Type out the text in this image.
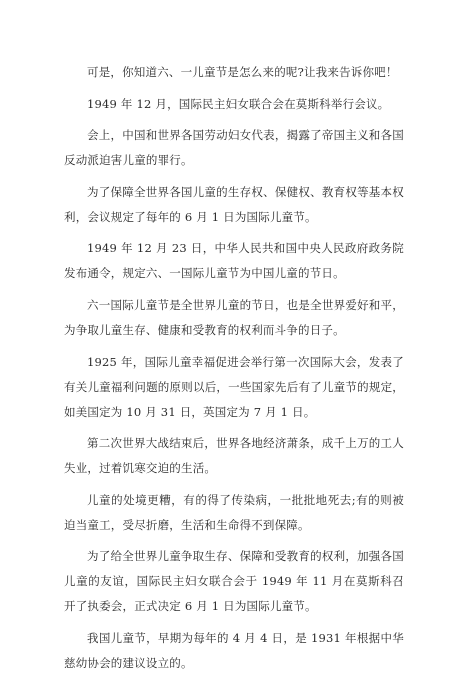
可是，你知道六、一儿童节是怎么来的呢?让我来告诉你吧！

1949 年 12 月，国际民主妇女联合会在莫斯科举行会议。

会上，中国和世界各国劳动妇女代表，揭露了帝国主义和各国反动派迫害儿童的罪行。

为了保障全世界各国儿童的生存权、保健权、教育权等基本权利，会议规定了每年的 6 月 1 日为国际儿童节。

1949 年 12 月 23 日，中华人民共和国中央人民政府政务院发布通令，规定六、一国际儿童节为中国儿童的节日。

六一国际儿童节是全世界儿童的节日，也是全世界爱好和平，为争取儿童生存、健康和受教育的权利而斗争的日子。

1925 年，国际儿童幸福促进会举行第一次国际大会，发表了有关儿童福利问题的原则以后，一些国家先后有了儿童节的规定，如美国定为 10 月 31 日，英国定为 7 月 1 日。

第二次世界大战结束后，世界各地经济萧条，成千上万的工人失业，过着饥寒交迫的生活。

儿童的处境更糟，有的得了传染病，一批批地死去;有的则被迫当童工，受尽折磨，生活和生命得不到保障。

为了给全世界儿童争取生存、保障和受教育的权利，加强各国儿童的友谊，国际民主妇女联合会于 1949 年 11 月在莫斯科召开了执委会，正式决定 6 月 1 日为国际儿童节。

我国儿童节，早期为每年的 4 月 4 日，是 1931 年根据中华慈幼协会的建议设立的。
